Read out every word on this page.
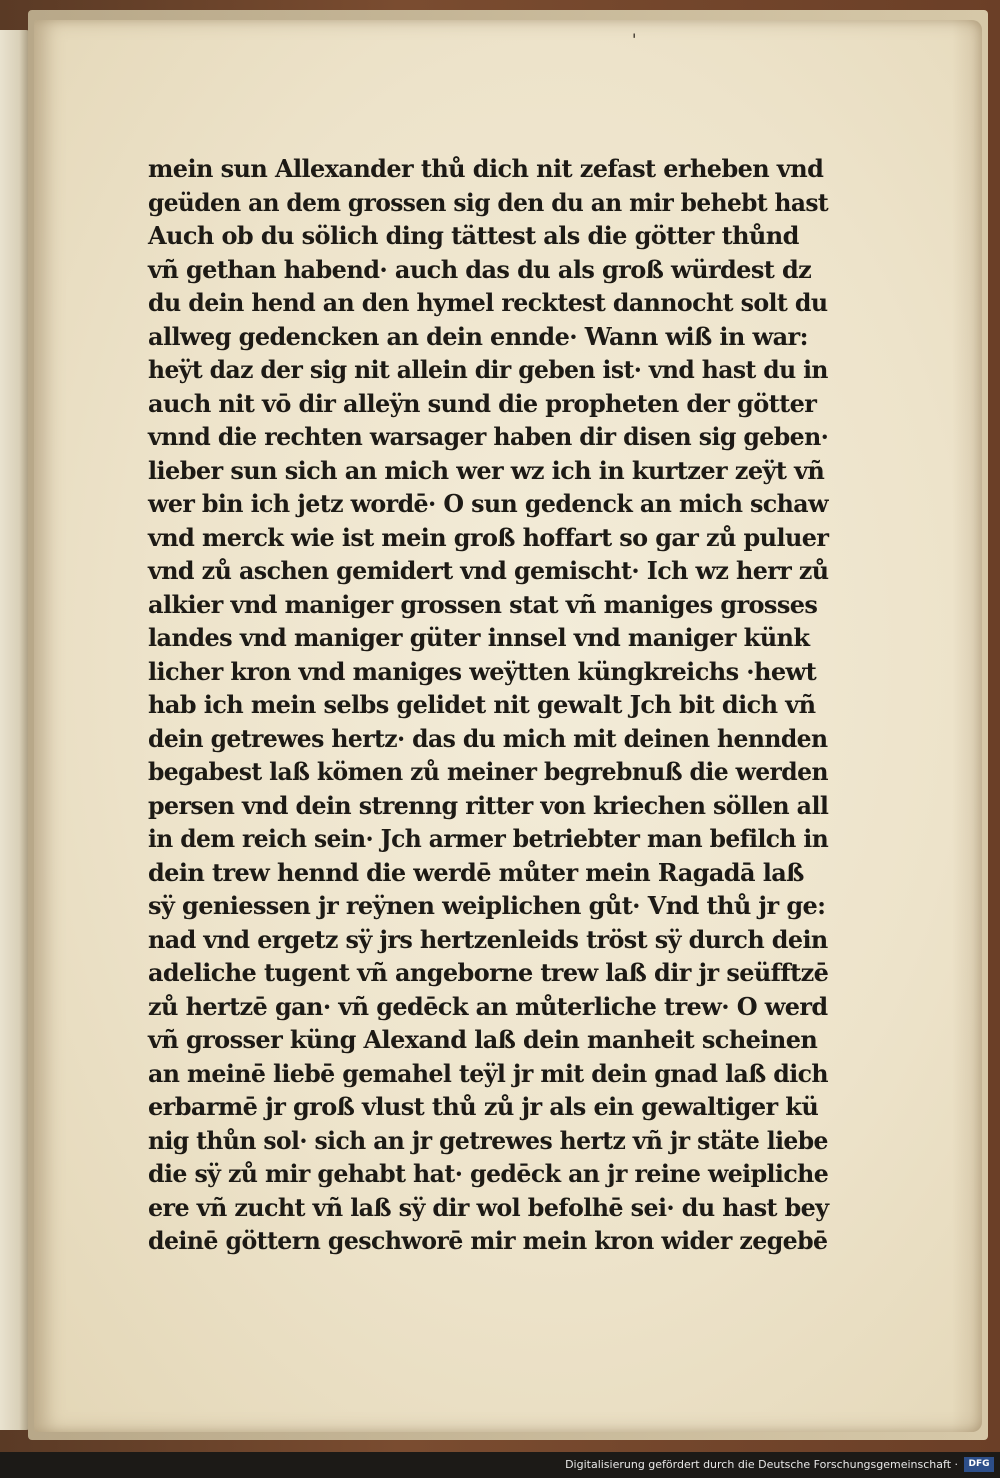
'
mein sun Allexander thů dich nit zefast erheben vnd
geüden an dem grossen sig den du an mir behebt hast
Auch ob du sölich ding tättest als die götter thůnd
vñ gethan habend· auch das du als groß würdest dz
du dein hend an den hymel recktest dannocht solt du
allweg gedencken an dein ennde· Wann wiß in war:
heÿt daz der sig nit allein dir geben ist· vnd hast du in
auch nit vō dir alleÿn sund die propheten der götter
vnnd die rechten warsager haben dir disen sig geben·
lieber sun sich an mich wer wz ich in kurtzer zeÿt vñ
wer bin ich jetz wordē· O sun gedenck an mich schaw
vnd merck wie ist mein groß hoffart so gar zů puluer
vnd zů aschen gemidert vnd gemischt· Ich wz herr zů
alkier vnd maniger grossen stat vñ maniges grosses
landes vnd maniger güter innsel vnd maniger künk
licher kron vnd maniges weÿtten küngkreichs ·hewt
hab ich mein selbs gelidet nit gewalt Jch bit dich vñ
dein getrewes hertz· das du mich mit deinen hennden
begabest laß kömen zů meiner begrebnuß die werden
persen vnd dein strenng ritter von kriechen söllen all
in dem reich sein· Jch armer betriebter man befilch in
dein trew hennd die werdē můter mein Ragadā laß
sÿ geniessen jr reÿnen weiplichen gůt· Vnd thů jr ge:
nad vnd ergetz sÿ jrs hertzenleids tröst sÿ durch dein
adeliche tugent vñ angeborne trew laß dir jr seüfftzē
zů hertzē gan· vñ gedēck an můterliche trew· O werd
vñ grosser küng Alexand laß dein manheit scheinen
an meinē liebē gemahel teÿl jr mit dein gnad laß dich
erbarmē jr groß vlust thů zů jr als ein gewaltiger kü
nig thůn sol· sich an jr getrewes hertz vñ jr stäte liebe
die sÿ zů mir gehabt hat· gedēck an jr reine weipliche
ere vñ zucht vñ laß sÿ dir wol befolhē sei· du hast bey
deinē göttern geschworē mir mein kron wider zegebē
Digitalisierung gefördert durch die Deutsche Forschungsgemeinschaft ·	DFG
